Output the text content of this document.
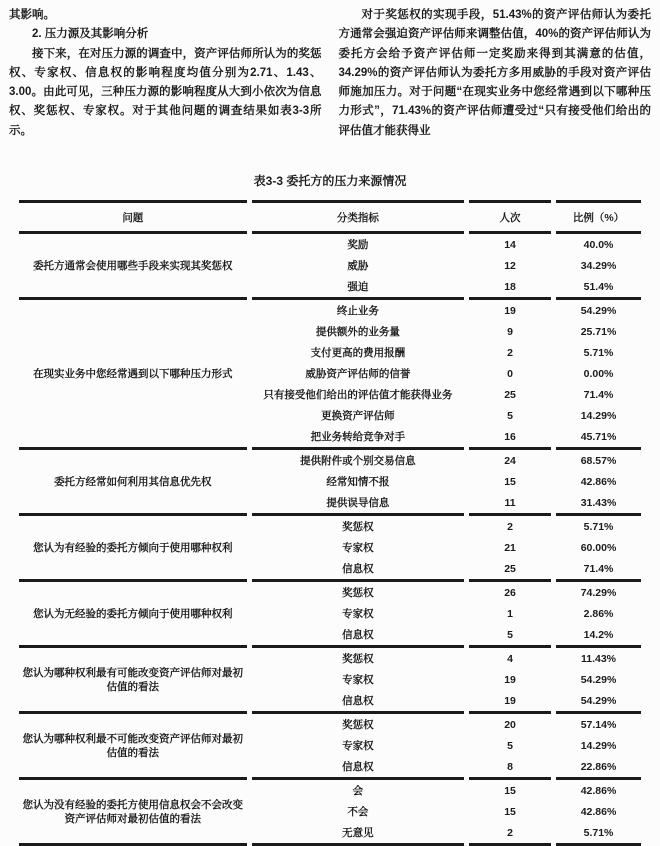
其影响。

2. 压力源及其影响分析

接下来，在对压力源的调查中，资产评估师所认为的奖惩权、专家权、信息权的影响程度均值分别为2.71、1.43、3.00。由此可见，三种压力源的影响程度从大到小依次为信息权、奖惩权、专家权。对于其他问题的调查结果如表3-3所示。

对于奖惩权的实现手段，51.43%的资产评估师认为委托方通常会强迫资产评估师来调整估值，40%的资产评估师认为委托方会给予资产评估师一定奖励来得到其满意的估值，34.29%的资产评估师认为委托方多用威胁的手段对资产评估师施加压力。对于问题“在现实业务中您经常遇到以下哪种压力形式”，71.43%的资产评估师遭受过“只有接受他们给出的评估值才能获得业

表3-3 委托方的压力来源情况
问题	分类指标	人次	比例（%）
委托方通常会使用哪些手段来实现其奖惩权	奖励	14	40.0%
	威胁	12	34.29%
	强迫	18	51.4%
在现实业务中您经常遇到以下哪种压力形式	终止业务	19	54.29%
	提供额外的业务量	9	25.71%
	支付更高的费用报酬	2	5.71%
	威胁资产评估师的信誉	0	0.00%
	只有接受他们给出的评估值才能获得业务	25	71.4%
	更换资产评估师	5	14.29%
	把业务转给竞争对手	16	45.71%
委托方经常如何利用其信息优先权	提供附件或个别交易信息	24	68.57%
	经常知情不报	15	42.86%
	提供误导信息	11	31.43%
您认为有经验的委托方倾向于使用哪种权利	奖惩权	2	5.71%
	专家权	21	60.00%
	信息权	25	71.4%
您认为无经验的委托方倾向于使用哪种权利	奖惩权	26	74.29%
	专家权	1	2.86%
	信息权	5	14.2%
您认为哪种权利最有可能改变资产评估师对最初估值的看法	奖惩权	4	11.43%
	专家权	19	54.29%
	信息权	19	54.29%
您认为哪种权利最不可能改变资产评估师对最初估值的看法	奖惩权	20	57.14%
	专家权	5	14.29%
	信息权	8	22.86%
您认为没有经验的委托方使用信息权会不会改变资产评估师对最初估值的看法	会	15	42.86%
	不会	15	42.86%
	无意见	2	5.71%
